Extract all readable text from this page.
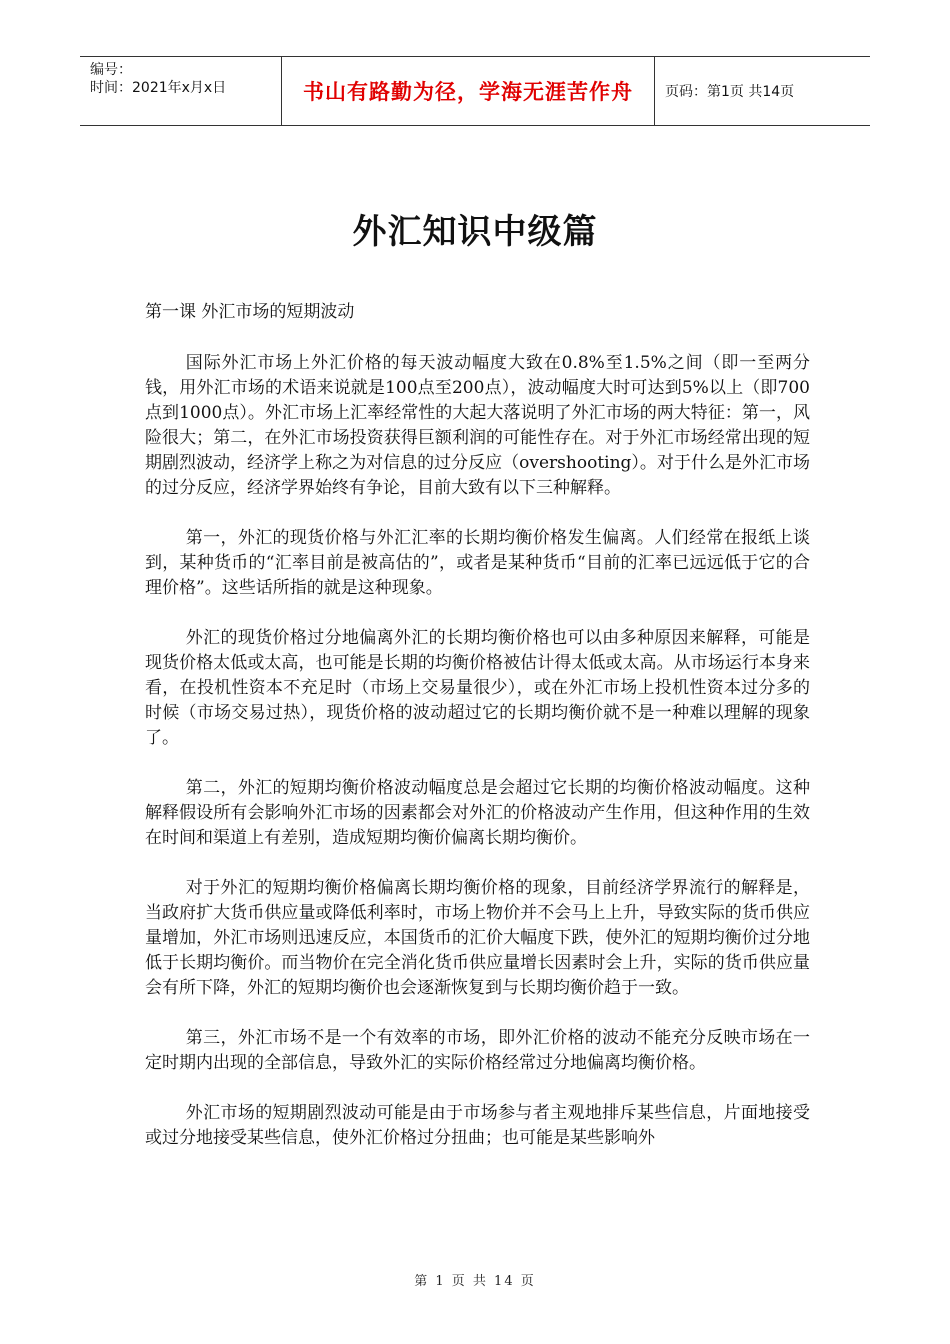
编号：
时间：2021年x月x日	书山有路勤为径，学海无涯苦作舟	页码：第1页 共14页
外汇知识中级篇

第一课 外汇市场的短期波动

国际外汇市场上外汇价格的每天波动幅度大致在0.8%至1.5%之间（即一至两分钱，用外汇市场的术语来说就是100点至200点），波动幅度大时可达到5%以上（即700点到1000点）。外汇市场上汇率经常性的大起大落说明了外汇市场的两大特征：第一，风险很大；第二，在外汇市场投资获得巨额利润的可能性存在。对于外汇市场经常出现的短期剧烈波动，经济学上称之为对信息的过分反应（overshooting）。对于什么是外汇市场的过分反应，经济学界始终有争论，目前大致有以下三种解释。

第一，外汇的现货价格与外汇汇率的长期均衡价格发生偏离。人们经常在报纸上谈到，某种货币的“汇率目前是被高估的”，或者是某种货币“目前的汇率已远远低于它的合理价格”。这些话所指的就是这种现象。

外汇的现货价格过分地偏离外汇的长期均衡价格也可以由多种原因来解释，可能是现货价格太低或太高，也可能是长期的均衡价格被估计得太低或太高。从市场运行本身来看，在投机性资本不充足时（市场上交易量很少），或在外汇市场上投机性资本过分多的时候（市场交易过热），现货价格的波动超过它的长期均衡价就不是一种难以理解的现象了。

第二，外汇的短期均衡价格波动幅度总是会超过它长期的均衡价格波动幅度。这种解释假设所有会影响外汇市场的因素都会对外汇的价格波动产生作用，但这种作用的生效在时间和渠道上有差别，造成短期均衡价偏离长期均衡价。

对于外汇的短期均衡价格偏离长期均衡价格的现象，目前经济学界流行的解释是，当政府扩大货币供应量或降低利率时，市场上物价并不会马上上升，导致实际的货币供应量增加，外汇市场则迅速反应，本国货币的汇价大幅度下跌，使外汇的短期均衡价过分地低于长期均衡价。而当物价在完全消化货币供应量增长因素时会上升，实际的货币供应量会有所下降，外汇的短期均衡价也会逐渐恢复到与长期均衡价趋于一致。

第三，外汇市场不是一个有效率的市场，即外汇价格的波动不能充分反映市场在一定时期内出现的全部信息，导致外汇的实际价格经常过分地偏离均衡价格。

外汇市场的短期剧烈波动可能是由于市场参与者主观地排斥某些信息，片面地接受或过分地接受某些信息，使外汇价格过分扭曲；也可能是某些影响外

第 1 页 共 14 页
